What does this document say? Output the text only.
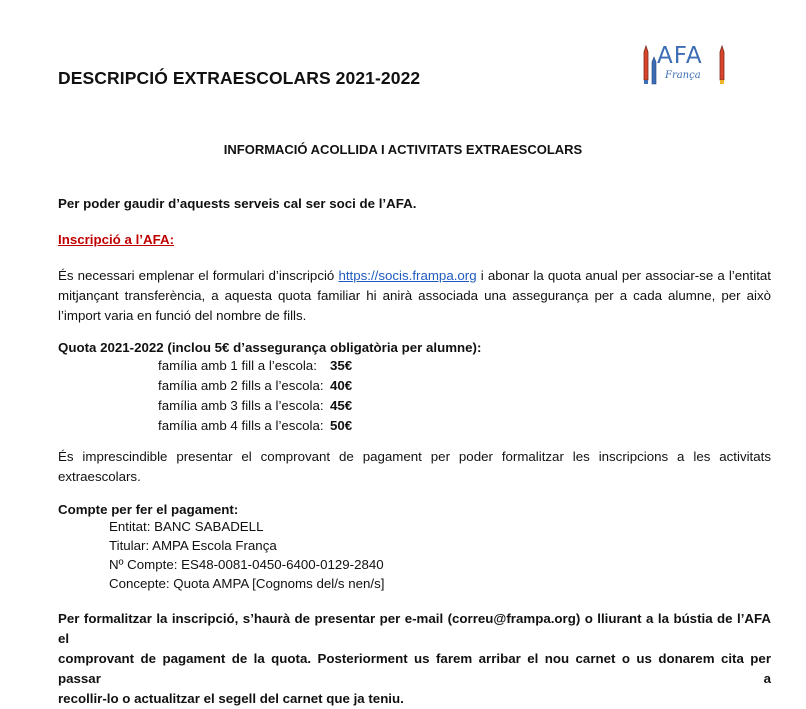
DESCRIPCIÓ EXTRAESCOLARS 2021-2022
AFA
França
INFORMACIÓ ACOLLIDA I ACTIVITATS EXTRAESCOLARS
Per poder gaudir d’aquests serveis cal ser soci de l’AFA.
Inscripció a l’AFA:
És necessari emplenar el formulari d’inscripció https://socis.frampa.org i abonar la quota anual per associar-se a l’entitat
mitjançant transferència, a aquesta quota familiar hi anirà associada una assegurança per a cada alumne, per això
l’import varia en funció del nombre de fills.
Quota 2021-2022 (inclou 5€ d’assegurança obligatòria per alumne):
família amb 1 fill a l’escola: 35€
família amb 2 fills a l’escola: 40€
família amb 3 fills a l’escola: 45€
família amb 4 fills a l’escola: 50€
És imprescindible presentar el comprovant de pagament per poder formalitzar les inscripcions a les activitats
extraescolars.
Compte per fer el pagament:
Entitat: BANC SABADELL
Titular: AMPA Escola França
Nº Compte: ES48-0081-0450-6400-0129-2840
Concepte: Quota AMPA [Cognoms del/s nen/s]
Per formalitzar la inscripció, s’haurà de presentar per e-mail (correu@frampa.org) o lliurant a la bústia de l’AFA el
comprovant de pagament de la quota. Posteriorment us farem arribar el nou carnet o us donarem cita per passar a
recollir-lo o actualitzar el segell del carnet que ja teniu.
